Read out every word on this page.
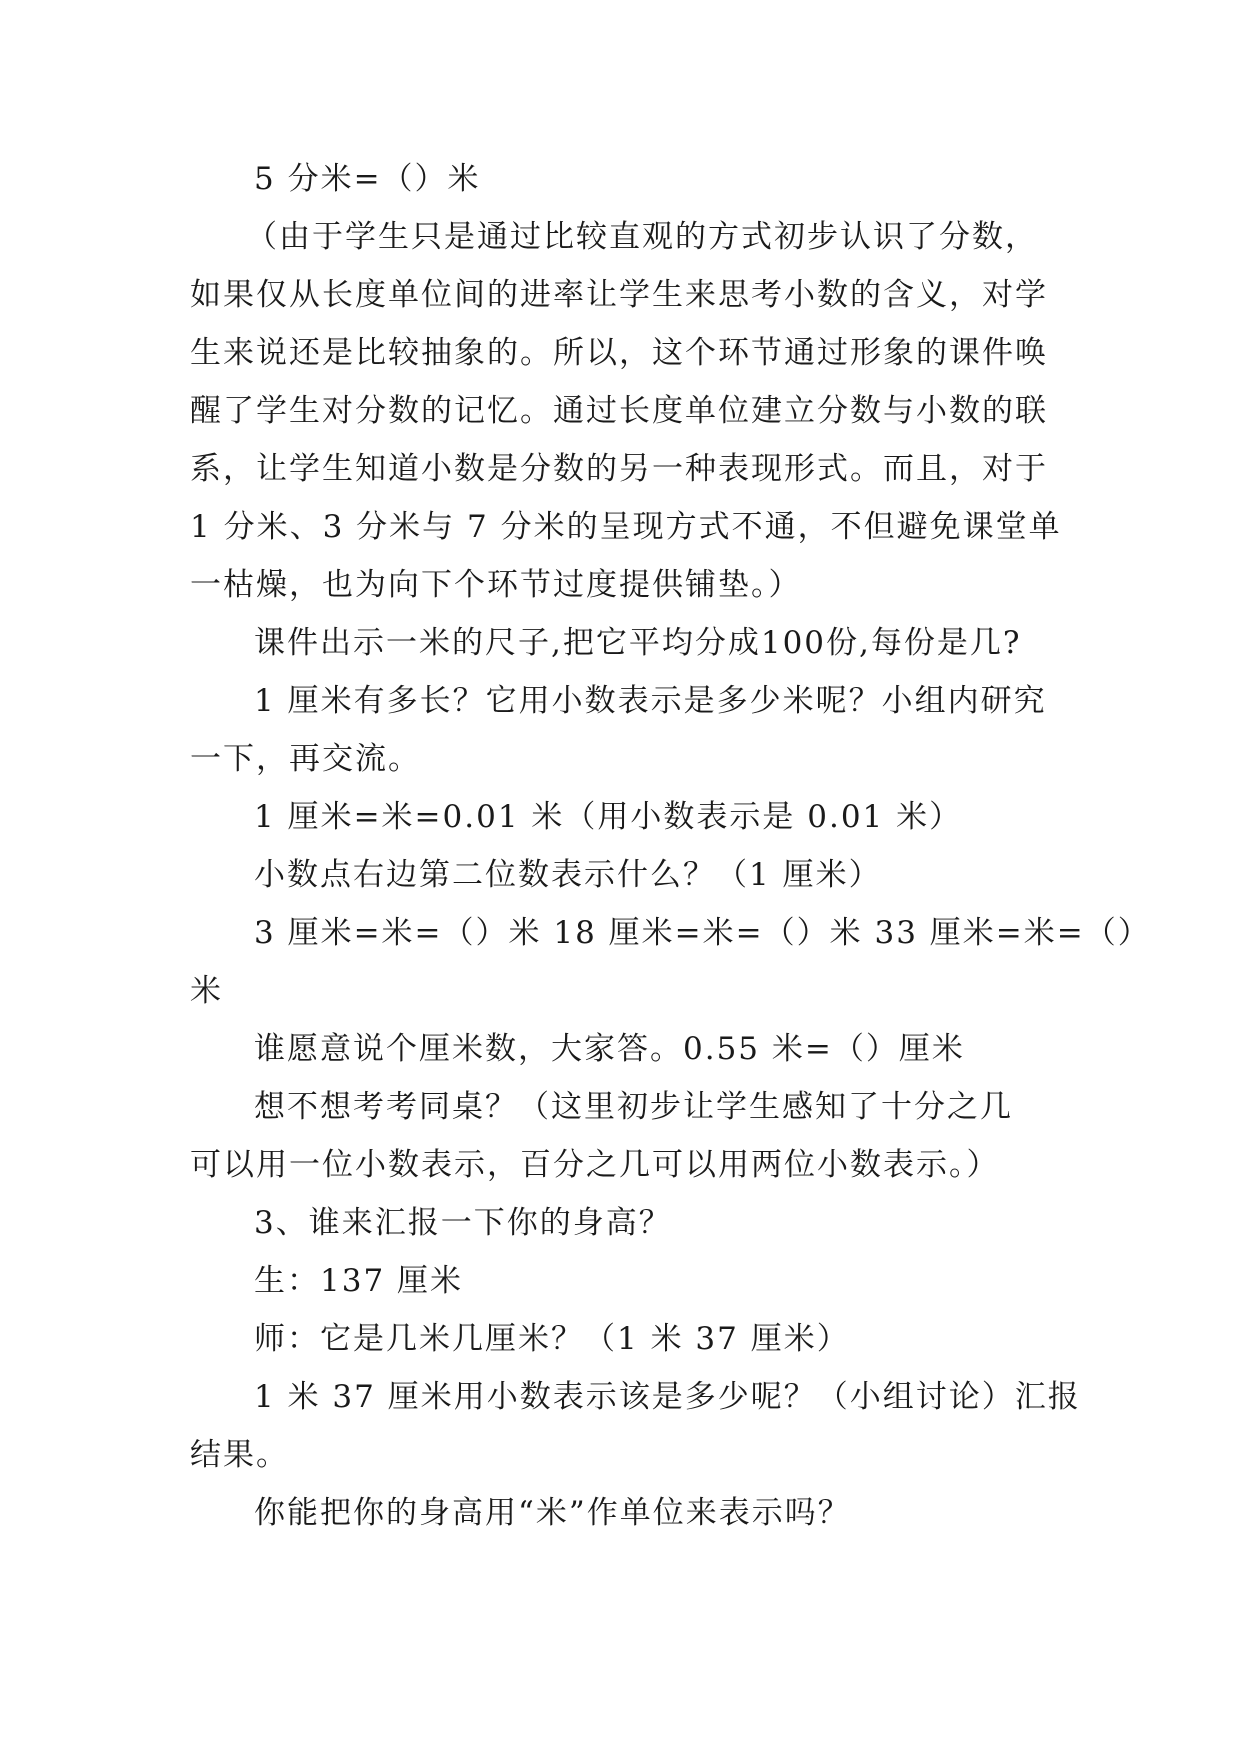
5 分米=（）米
（由于学生只是通过比较直观的方式初步认识了分数，
如果仅从长度单位间的进率让学生来思考小数的含义，对学
生来说还是比较抽象的。所以，这个环节通过形象的课件唤
醒了学生对分数的记忆。通过长度单位建立分数与小数的联
系，让学生知道小数是分数的另一种表现形式。而且，对于
1 分米、3 分米与 7 分米的呈现方式不通，不但避免课堂单
一枯燥，也为向下个环节过度提供铺垫。）
课件出示一米的尺子,把它平均分成100份,每份是几?
1 厘米有多长？它用小数表示是多少米呢？小组内研究
一下，再交流。
1 厘米=米=0.01 米（用小数表示是 0.01 米）
小数点右边第二位数表示什么？（1 厘米）
3 厘米=米=（）米 18 厘米=米=（）米 33 厘米=米=（）
米
谁愿意说个厘米数，大家答。0.55 米=（）厘米
想不想考考同桌？（这里初步让学生感知了十分之几
可以用一位小数表示，百分之几可以用两位小数表示。）
3、谁来汇报一下你的身高？
生：137 厘米
师：它是几米几厘米？（1 米 37 厘米）
1 米 37 厘米用小数表示该是多少呢？（小组讨论）汇报
结果。
你能把你的身高用“米”作单位来表示吗？
